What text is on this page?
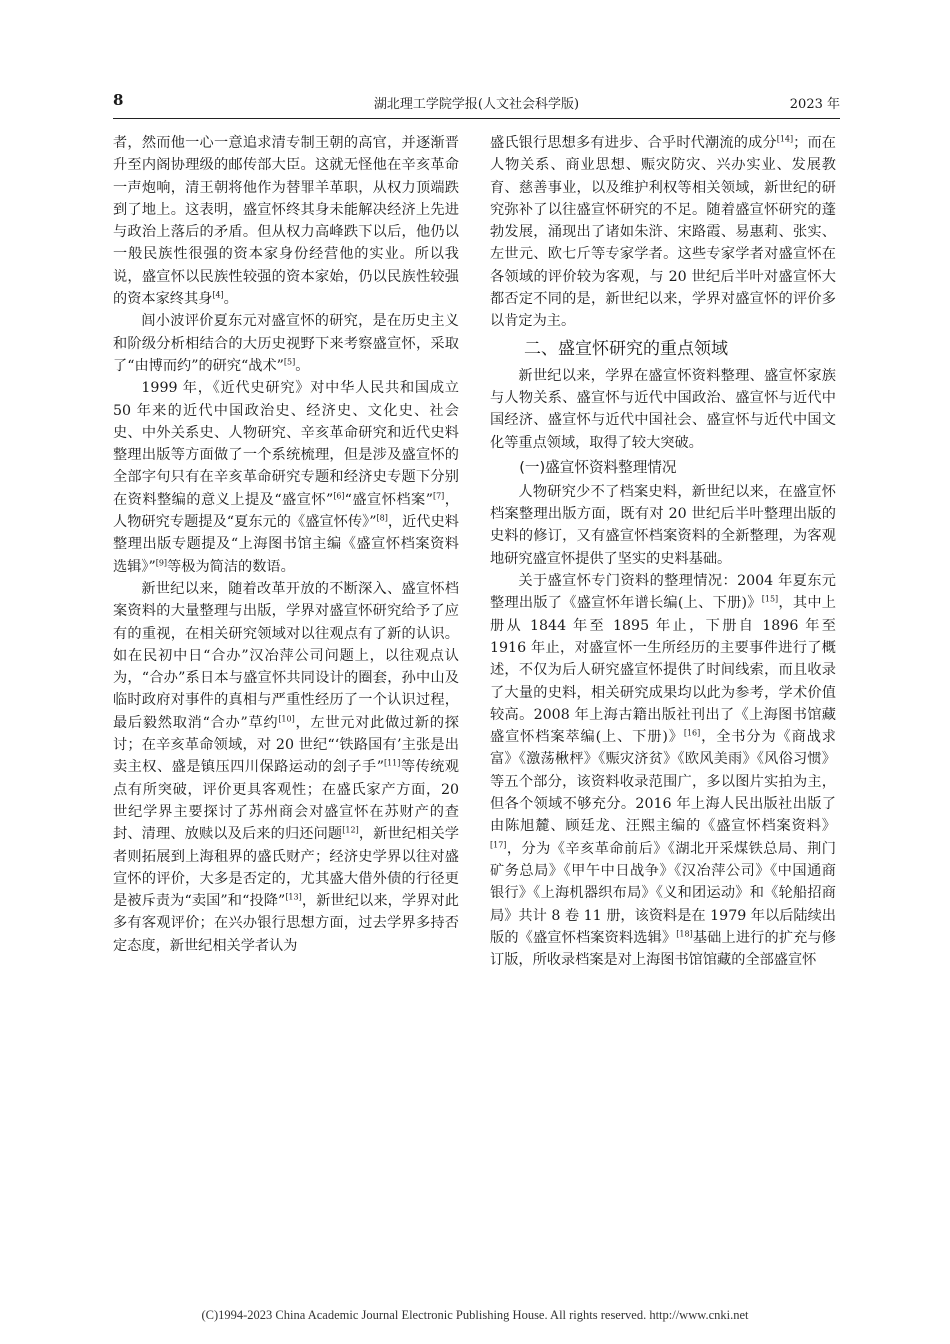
8	湖北理工学院学报(人文社会科学版)	2023 年

者，然而他一心一意追求清专制王朝的高官，并逐渐晋升至内阁协理级的邮传部大臣。这就无怪他在辛亥革命一声炮响，清王朝将他作为替罪羊革职，从权力顶端跌到了地上。这表明，盛宣怀终其身未能解决经济上先进与政治上落后的矛盾。但从权力高峰跌下以后，他仍以一般民族性很强的资本家身份经营他的实业。所以我说，盛宣怀以民族性较强的资本家始，仍以民族性较强的资本家终其身[4]。

闾小波评价夏东元对盛宣怀的研究，是在历史主义和阶级分析相结合的大历史视野下来考察盛宣怀，采取了“由博而约”的研究“战术”[5]。

1999 年，《近代史研究》对中华人民共和国成立 50 年来的近代中国政治史、经济史、文化史、社会史、中外关系史、人物研究、辛亥革命研究和近代史料整理出版等方面做了一个系统梳理，但是涉及盛宣怀的全部字句只有在辛亥革命研究专题和经济史专题下分别在资料整编的意义上提及“盛宣怀”[6]“盛宣怀档案”[7]，人物研究专题提及“夏东元的《盛宣怀传》”[8]，近代史料整理出版专题提及“上海图书馆主编《盛宣怀档案资料选辑》”[9]等极为简洁的数语。

新世纪以来，随着改革开放的不断深入、盛宣怀档案资料的大量整理与出版，学界对盛宣怀研究给予了应有的重视，在相关研究领域对以往观点有了新的认识。如在民初中日“合办”汉冶萍公司问题上，以往观点认为，“合办”系日本与盛宣怀共同设计的圈套，孙中山及临时政府对事件的真相与严重性经历了一个认识过程，最后毅然取消“合办”草约[10]，左世元对此做过新的探讨；在辛亥革命领域，对 20 世纪“‘铁路国有’主张是出卖主权、盛是镇压四川保路运动的刽子手”[11]等传统观点有所突破，评价更具客观性；在盛氏家产方面，20 世纪学界主要探讨了苏州商会对盛宣怀在苏财产的查封、清理、放赎以及后来的归还问题[12]，新世纪相关学者则拓展到上海租界的盛氏财产；经济史学界以往对盛宣怀的评价，大多是否定的，尤其盛大借外债的行径更是被斥责为“卖国”和“投降”[13]，新世纪以来，学界对此多有客观评价；在兴办银行思想方面，过去学界多持否定态度，新世纪相关学者认为

盛氏银行思想多有进步、合乎时代潮流的成分[14]；而在人物关系、商业思想、赈灾防灾、兴办实业、发展教育、慈善事业，以及维护利权等相关领域，新世纪的研究弥补了以往盛宣怀研究的不足。随着盛宣怀研究的蓬勃发展，涌现出了诸如朱浒、宋路霞、易惠莉、张实、左世元、欧七斤等专家学者。这些专家学者对盛宣怀在各领域的评价较为客观，与 20 世纪后半叶对盛宣怀大都否定不同的是，新世纪以来，学界对盛宣怀的评价多以肯定为主。

二、盛宣怀研究的重点领域

新世纪以来，学界在盛宣怀资料整理、盛宣怀家族与人物关系、盛宣怀与近代中国政治、盛宣怀与近代中国经济、盛宣怀与近代中国社会、盛宣怀与近代中国文化等重点领域，取得了较大突破。

(一)盛宣怀资料整理情况

人物研究少不了档案史料，新世纪以来，在盛宣怀档案整理出版方面，既有对 20 世纪后半叶整理出版的史料的修订，又有盛宣怀档案资料的全新整理，为客观地研究盛宣怀提供了坚实的史料基础。

关于盛宣怀专门资料的整理情况：2004 年夏东元整理出版了《盛宣怀年谱长编(上、下册)》[15]，其中上册从 1844 年至 1895 年止，下册自 1896 年至 1916 年止，对盛宣怀一生所经历的主要事件进行了概述，不仅为后人研究盛宣怀提供了时间线索，而且收录了大量的史料，相关研究成果均以此为参考，学术价值较高。2008 年上海古籍出版社刊出了《上海图书馆藏盛宣怀档案萃编(上、下册)》[16]，全书分为《商战求富》《激荡楸枰》《赈灾济贫》《欧风美雨》《风俗习惯》等五个部分，该资料收录范围广，多以图片实拍为主，但各个领域不够充分。2016 年上海人民出版社出版了由陈旭麓、顾廷龙、汪熙主编的《盛宣怀档案资料》[17]，分为《辛亥革命前后》《湖北开采煤铁总局、荆门矿务总局》《甲午中日战争》《汉冶萍公司》《中国通商银行》《上海机器织布局》《义和团运动》和《轮船招商局》共计 8 卷 11 册，该资料是在 1979 年以后陆续出版的《盛宣怀档案资料选辑》[18]基础上进行的扩充与修订版，所收录档案是对上海图书馆馆藏的全部盛宣怀

(C)1994-2023 China Academic Journal Electronic Publishing House. All rights reserved. http://www.cnki.net
